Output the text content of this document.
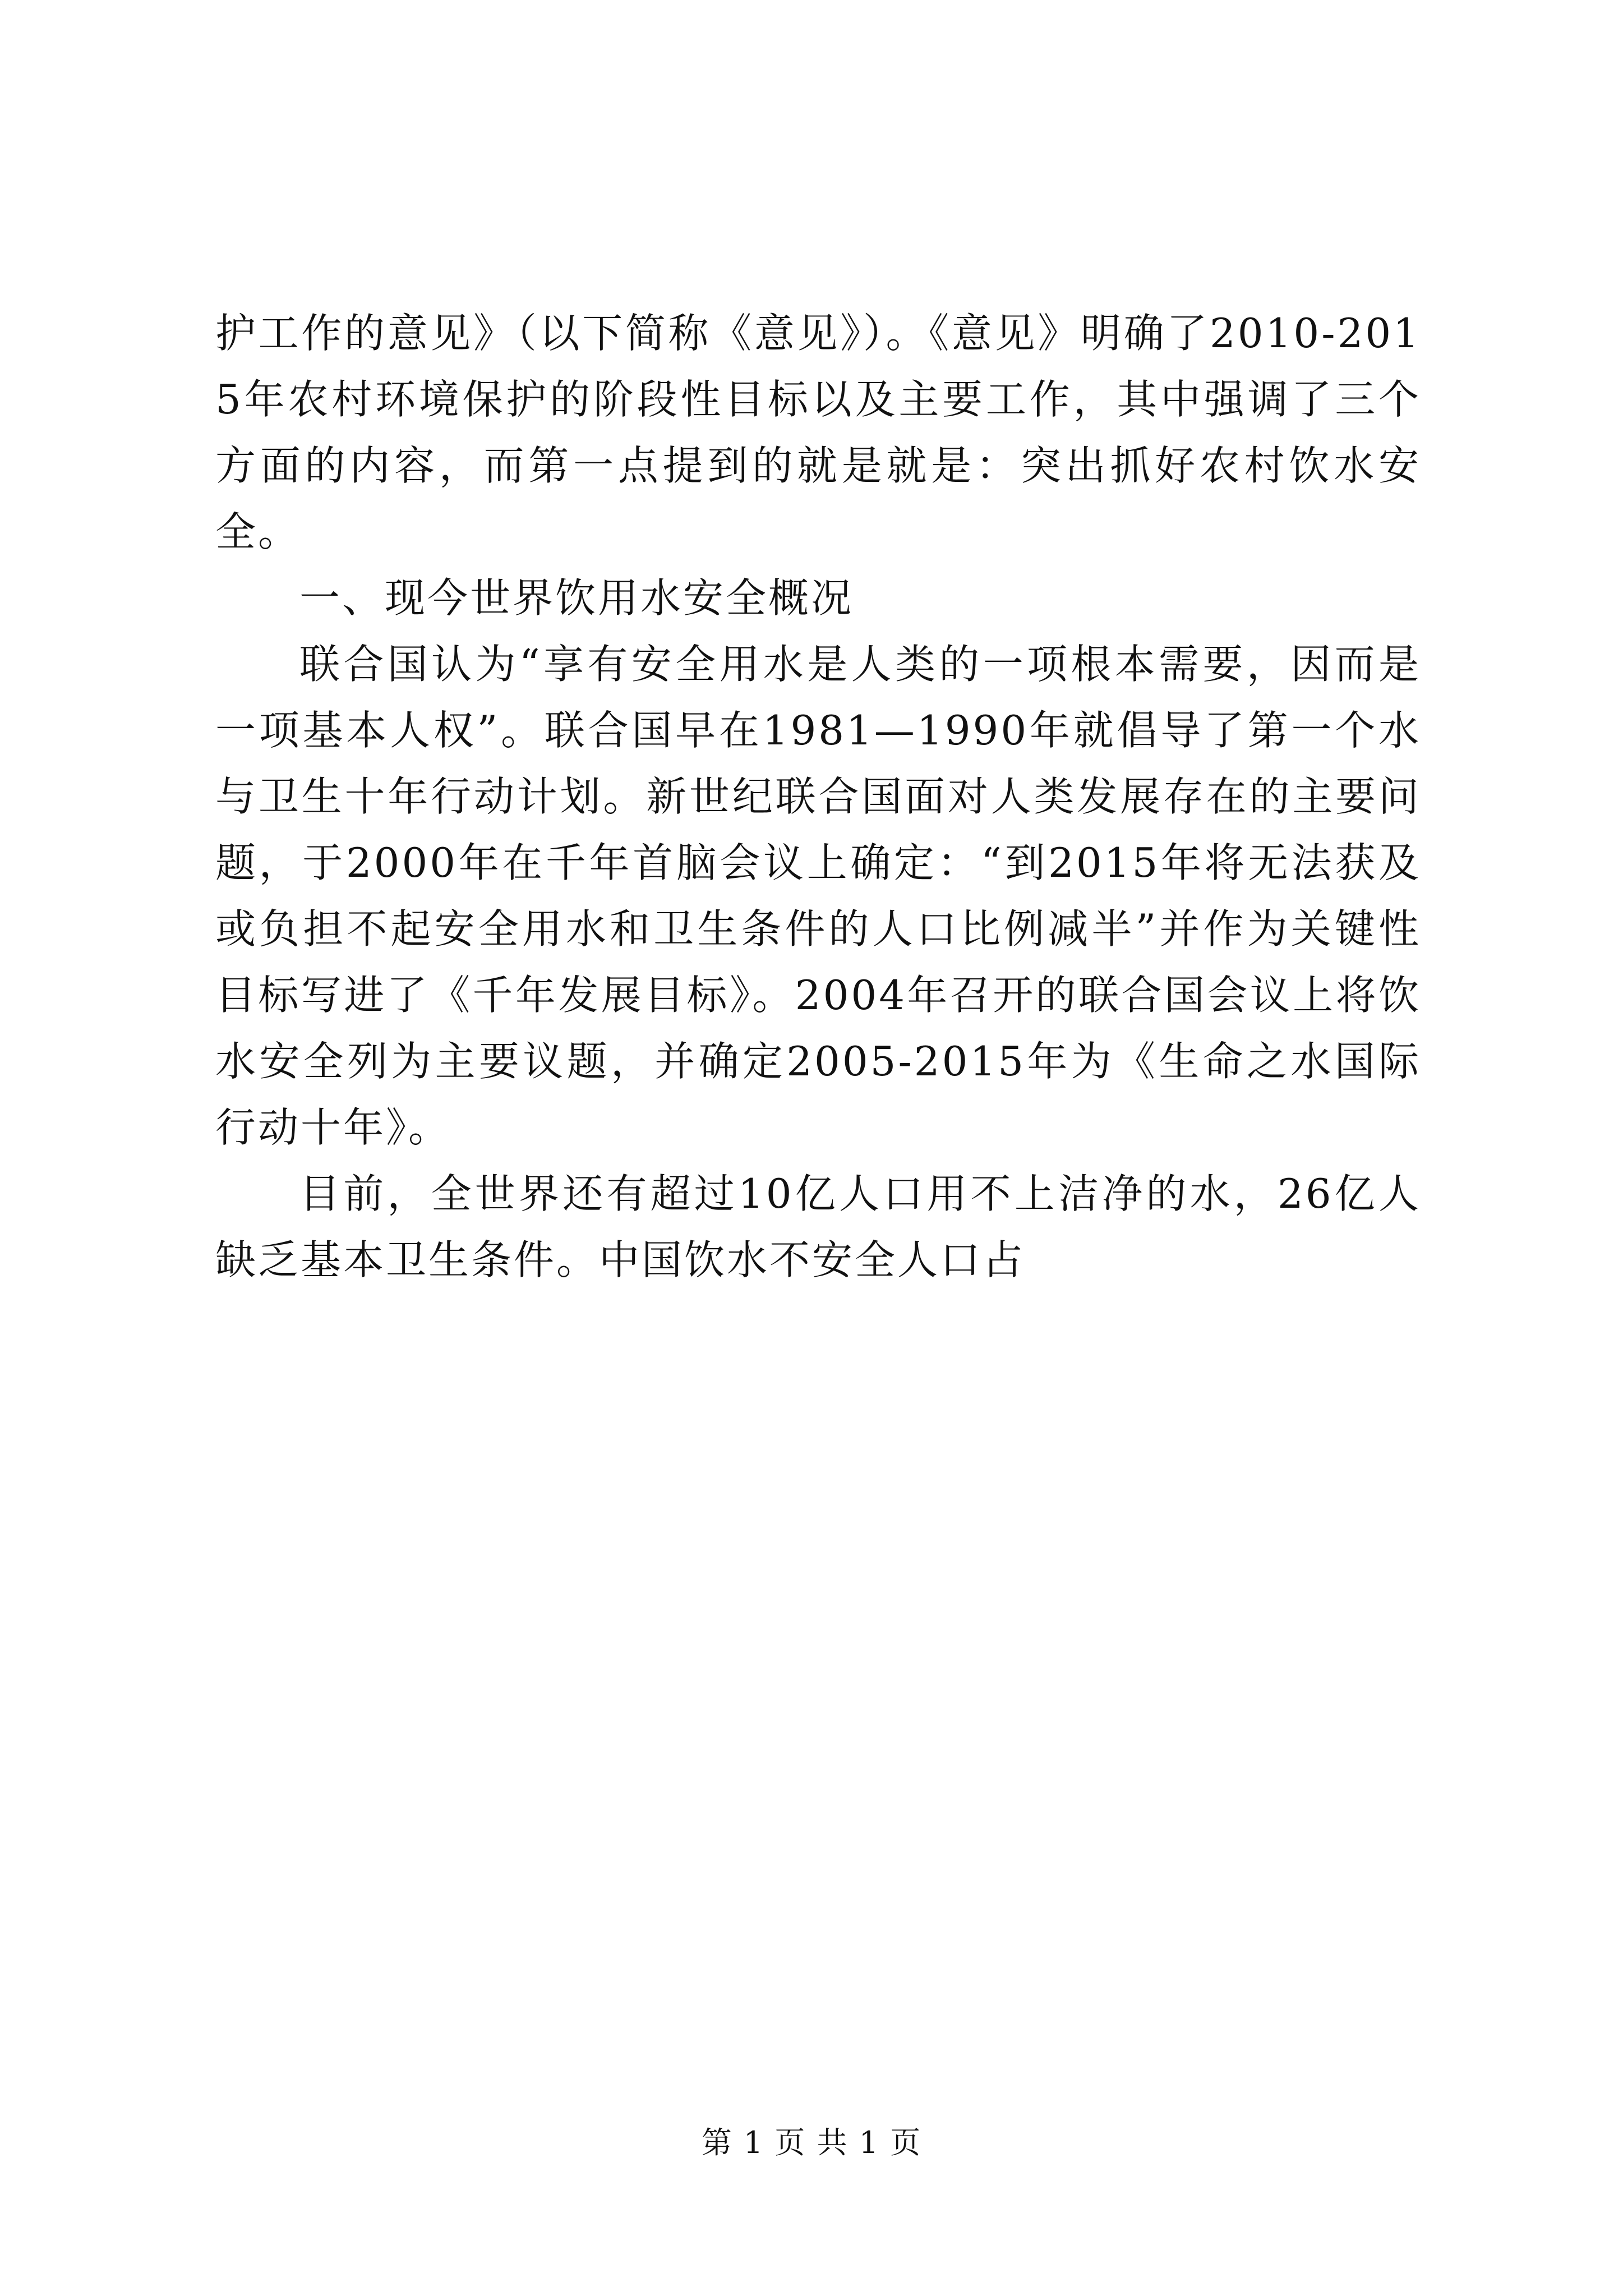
护工作的意见》（以下简称《意见》）。《意见》明确了2010-2015年农村环境保护的阶段性目标以及主要工作，其中强调了三个方面的内容，而第一点提到的就是就是：突出抓好农村饮水安全。

一、现今世界饮用水安全概况

联合国认为“享有安全用水是人类的一项根本需要，因而是一项基本人权”。联合国早在1981—1990年就倡导了第一个水与卫生十年行动计划。新世纪联合国面对人类发展存在的主要问题，于2000年在千年首脑会议上确定：“到2015年将无法获及或负担不起安全用水和卫生条件的人口比例减半”并作为关键性目标写进了《千年发展目标》。2004年召开的联合国会议上将饮水安全列为主要议题，并确定2005-2015年为《生命之水国际行动十年》。

目前，全世界还有超过10亿人口用不上洁净的水，26亿人缺乏基本卫生条件。中国饮水不安全人口占

第 1 页 共 1 页
